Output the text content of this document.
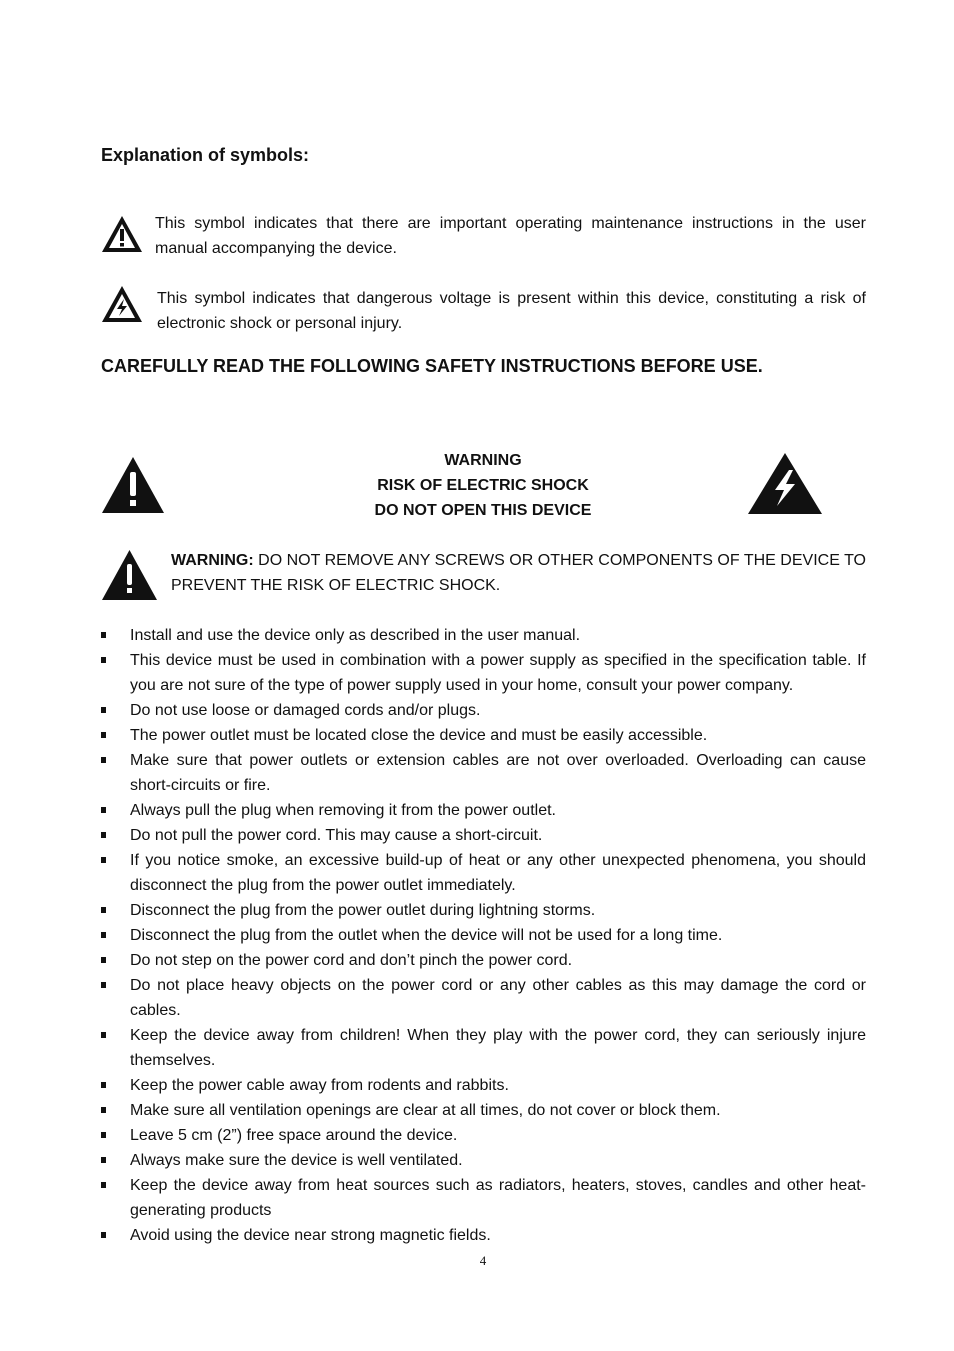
Explanation of symbols:
This symbol indicates that there are important operating maintenance instructions in the user manual accompanying the device.
This symbol indicates that dangerous voltage is present within this device, constituting a risk of electronic shock or personal injury.
CAREFULLY READ THE FOLLOWING SAFETY INSTRUCTIONS BEFORE USE.
WARNING
RISK OF ELECTRIC SHOCK
DO NOT OPEN THIS DEVICE
WARNING: DO NOT REMOVE ANY SCREWS OR OTHER COMPONENTS OF THE DEVICE TO PREVENT THE RISK OF ELECTRIC SHOCK.
Install and use the device only as described in the user manual.
This device must be used in combination with a power supply as specified in the specification table. If you are not sure of the type of power supply used in your home, consult your power company.
Do not use loose or damaged cords and/or plugs.
The power outlet must be located close the device and must be easily accessible.
Make sure that power outlets or extension cables are not over overloaded. Overloading can cause short-circuits or fire.
Always pull the plug when removing it from the power outlet.
Do not pull the power cord. This may cause a short-circuit.
If you notice smoke, an excessive build-up of heat or any other unexpected phenomena, you should disconnect the plug from the power outlet immediately.
Disconnect the plug from the power outlet during lightning storms.
Disconnect the plug from the outlet when the device will not be used for a long time.
Do not step on the power cord and don’t pinch the power cord.
Do not place heavy objects on the power cord or any other cables as this may damage the cord or cables.
Keep the device away from children! When they play with the power cord, they can seriously injure themselves.
Keep the power cable away from rodents and rabbits.
Make sure all ventilation openings are clear at all times, do not cover or block them.
Leave 5 cm (2”) free space around the device.
Always make sure the device is well ventilated.
Keep the device away from heat sources such as radiators, heaters, stoves, candles and other heat-generating products
Avoid using the device near strong magnetic fields.
4
